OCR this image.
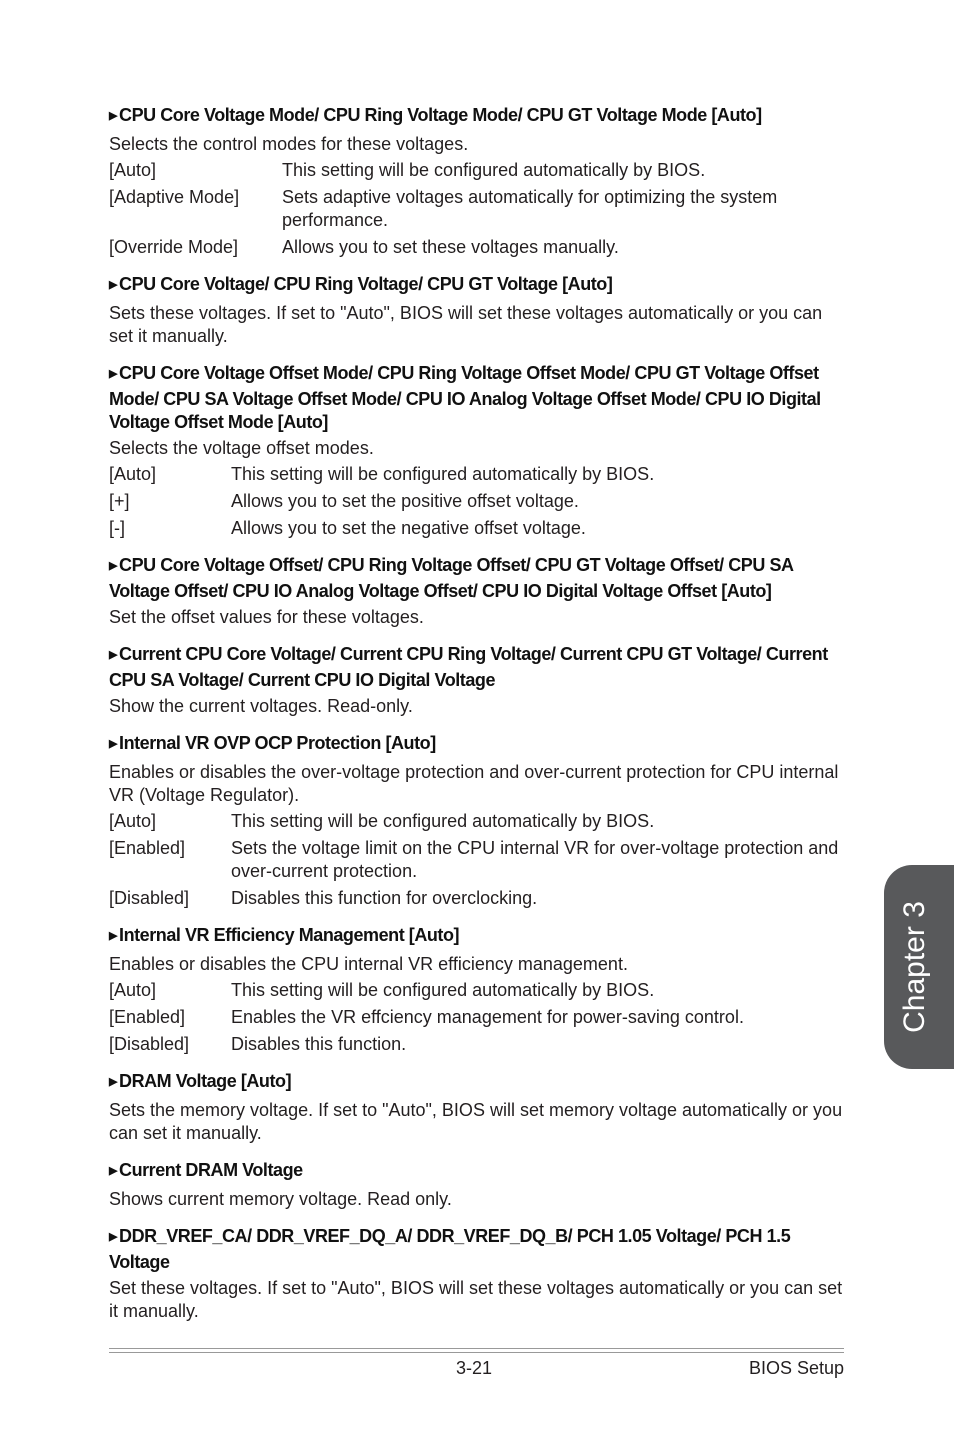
▶ CPU Core Voltage Mode/ CPU Ring Voltage Mode/ CPU GT Voltage Mode [Auto]
Selects the control modes for these voltages.
[Auto]	This setting will be configured automatically by BIOS.
[Adaptive Mode]	Sets adaptive voltages automatically for optimizing the system performance.
[Override Mode]	Allows you to set these voltages manually.
▶ CPU Core Voltage/ CPU Ring Voltage/ CPU GT Voltage [Auto]
Sets these voltages. If set to "Auto", BIOS will set these voltages automatically or you can set it manually.
▶ CPU Core Voltage Offset Mode/ CPU Ring Voltage Offset Mode/ CPU GT Voltage Offset Mode/ CPU SA Voltage Offset Mode/ CPU IO Analog Voltage Offset Mode/ CPU IO Digital Voltage Offset Mode [Auto]
Selects the voltage offset modes.
[Auto]	This setting will be configured automatically by BIOS.
[+]	Allows you to set the positive offset voltage.
[-]	Allows you to set the negative offset voltage.
▶ CPU Core Voltage Offset/ CPU Ring Voltage Offset/ CPU GT Voltage Offset/ CPU SA Voltage Offset/ CPU IO Analog Voltage Offset/ CPU IO Digital Voltage Offset [Auto]
Set the offset values for these voltages.
▶ Current CPU Core Voltage/ Current CPU Ring Voltage/ Current CPU GT Voltage/ Current CPU SA Voltage/ Current CPU IO Digital Voltage
Show the current voltages. Read-only.
▶ Internal VR OVP OCP Protection [Auto]
Enables or disables the over-voltage protection and over-current protection for CPU internal VR (Voltage Regulator).
[Auto]	This setting will be configured automatically by BIOS.
[Enabled]	Sets the voltage limit on the CPU internal VR for over-voltage protection and over-current protection.
[Disabled]	Disables this function for overclocking.
▶ Internal VR Efficiency Management [Auto]
Enables or disables the CPU internal VR efficiency management.
[Auto]	This setting will be configured automatically by BIOS.
[Enabled]	Enables the VR effciency management for power-saving control.
[Disabled]	Disables this function.
▶ DRAM Voltage [Auto]
Sets the memory voltage. If set to "Auto", BIOS will set memory voltage automatically or you can set it manually.
▶ Current DRAM Voltage
Shows current memory voltage. Read only.
▶ DDR_VREF_CA/ DDR_VREF_DQ_A/ DDR_VREF_DQ_B/ PCH 1.05 Voltage/ PCH 1.5 Voltage
Set these voltages. If set to "Auto", BIOS will set these voltages automatically or you can set it manually.
Chapter 3
3-21	BIOS Setup
